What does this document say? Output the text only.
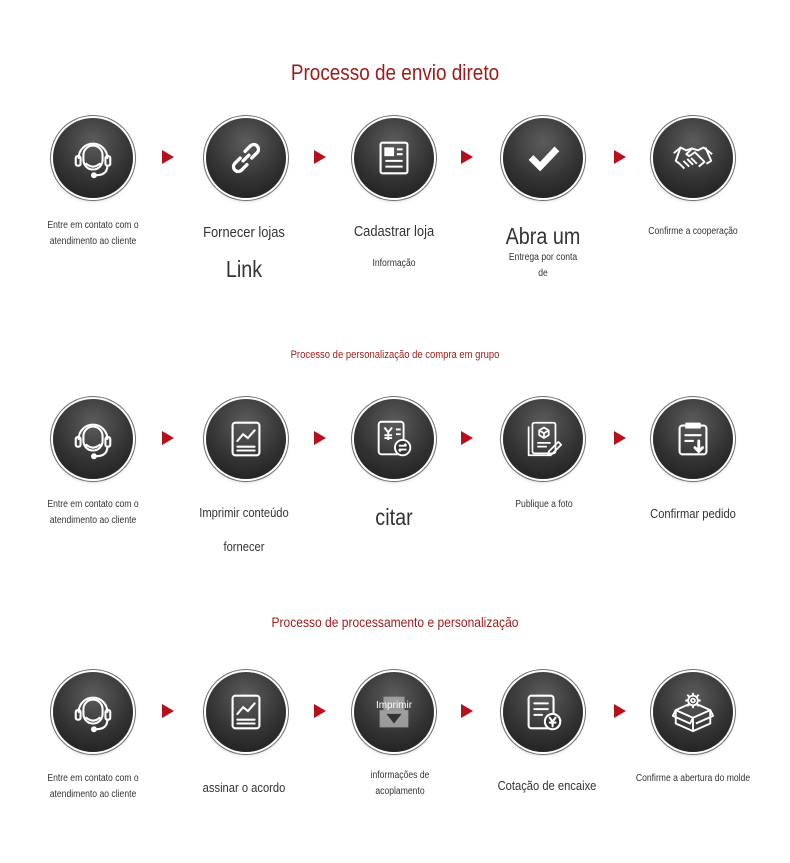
Processo de envio direto
Entre em contato com o atendimento ao cliente
Fornecer lojas
Link
Cadastrar loja
Informação
Abra um
Entrega por conta de
Confirme a cooperação
Processo de personalização de compra em grupo
Entre em contato com o atendimento ao cliente
Imprimir conteúdo
fornecer
citar	Publique a foto
Confirmar pedido
Processo de processamento e personalização
Imprimir
Entre em contato com o atendimento ao cliente	assinar o acordo
informações de acoplamento	Cotação de encaixe	Confirme a abertura do molde
